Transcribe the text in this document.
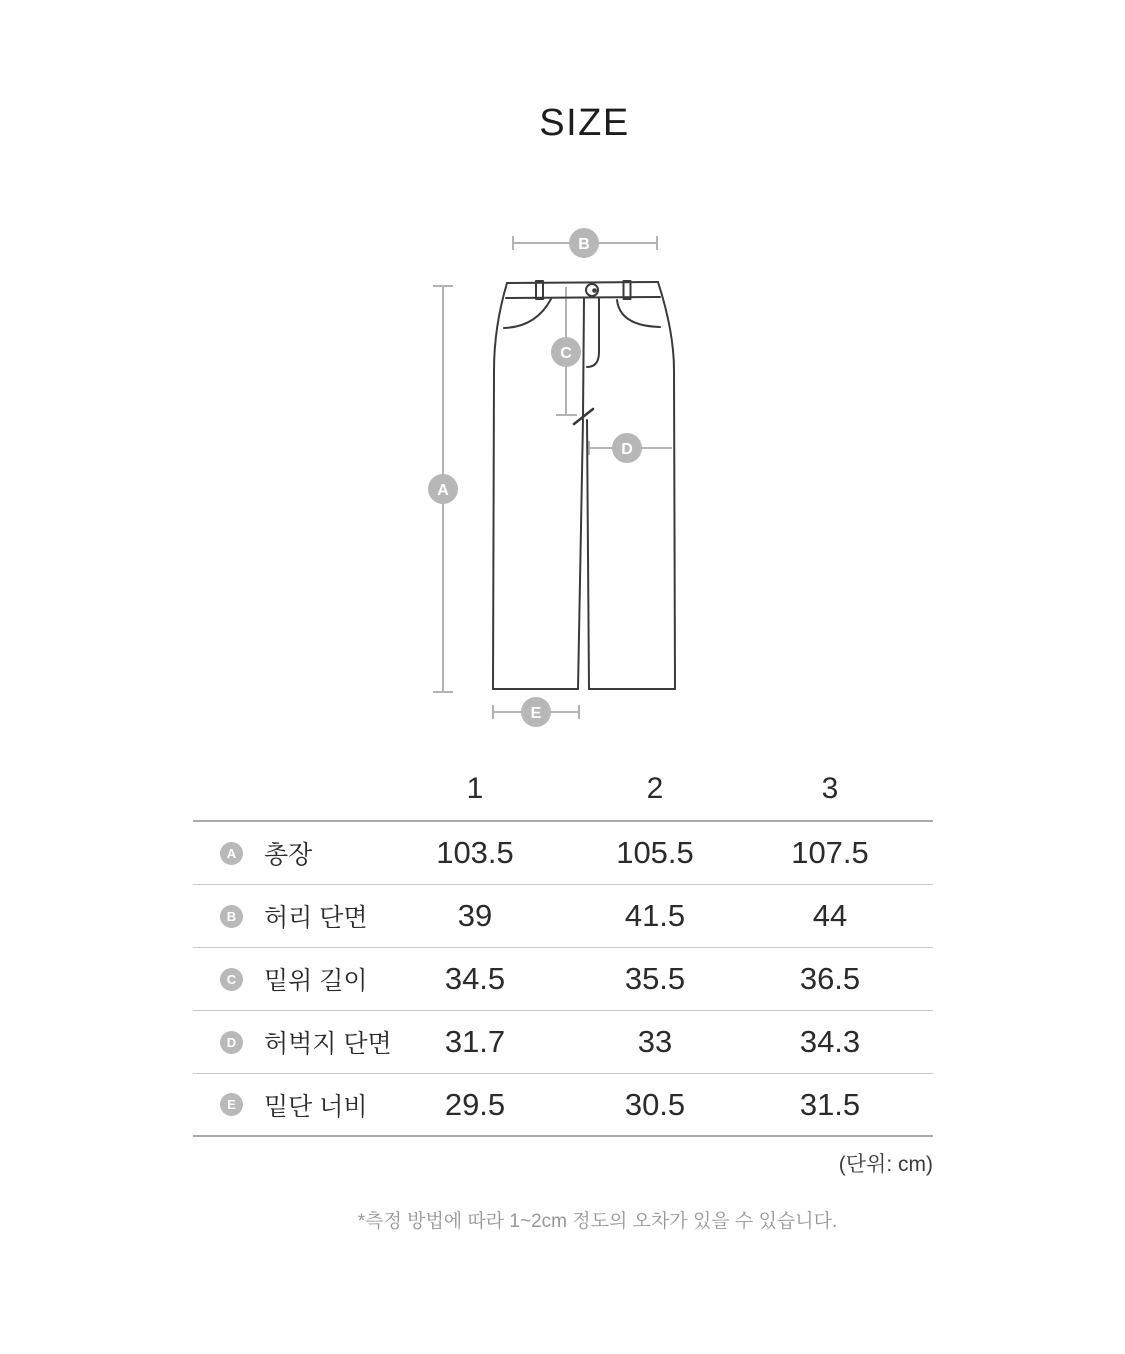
SIZE
B
A
C
D
E
1	2	3
A 총장	103.5	105.5	107.5
B 허리 단면	39	41.5	44
C 밑위 길이	34.5	35.5	36.5
D 허벅지 단면	31.7	33	34.3
E 밑단 너비	29.5	30.5	31.5
(단위: cm)
*측정 방법에 따라 1~2cm 정도의 오차가 있을 수 있습니다.
